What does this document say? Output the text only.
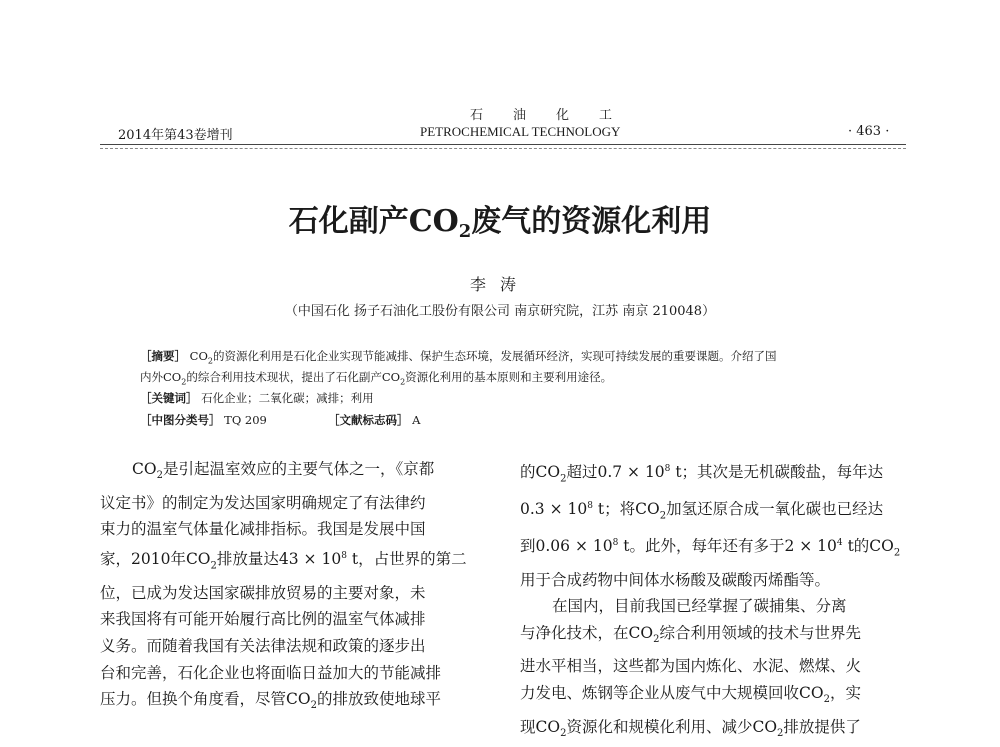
石油化工
2014年第43卷增刊	PETROCHEMICAL TECHNOLOGY	· 463 ·
石化副产$CO_2$废气的资源化利用
李涛
（中国石化 扬子石油化工股份有限公司 南京研究院，江苏 南京 210048）
［摘要］ $CO_2$的资源化利用是石化企业实现节能减排、保护生态环境，发展循环经济，实现可持续发展的重要课题。介绍了国
内外$CO_2$的综合利用技术现状，提出了石化副产$CO_2$资源化利用的基本原则和主要利用途径。
［关键词］ 石化企业；二氧化碳；减排；利用
［中图分类号］ TQ 209	［文献标志码］ A

$CO_2$是引起温室效应的主要气体之一，《京都

议定书》的制定为发达国家明确规定了有法律约

束力的温室气体量化减排指标。我国是发展中国

家，2010年$CO_2$排放量达$43 \times 10^8$ t，占世界的第二

位，已成为发达国家碳排放贸易的主要对象，未

来我国将有可能开始履行高比例的温室气体减排

义务。而随着我国有关法律法规和政策的逐步出

台和完善，石化企业也将面临日益加大的节能减排

压力。但换个角度看，尽管$CO_2$的排放致使地球平

的$CO_2$超过$0.7 \times 10^8$ t；其次是无机碳酸盐，每年达

$0.3 \times 10^8$ t；将$CO_2$加氢还原合成一氧化碳也已经达

到$0.06 \times 10^8$ t。此外，每年还有多于$2 \times 10^4$ t的$CO_2$

用于合成药物中间体水杨酸及碳酸丙烯酯等。

在国内，目前我国已经掌握了碳捕集、分离

与净化技术，在$CO_2$综合利用领域的技术与世界先

进水平相当，这些都为国内炼化、水泥、燃煤、火

力发电、炼钢等企业从废气中大规模回收$CO_2$，实

现$CO_2$资源化和规模化利用、减少$CO_2$排放提供了
